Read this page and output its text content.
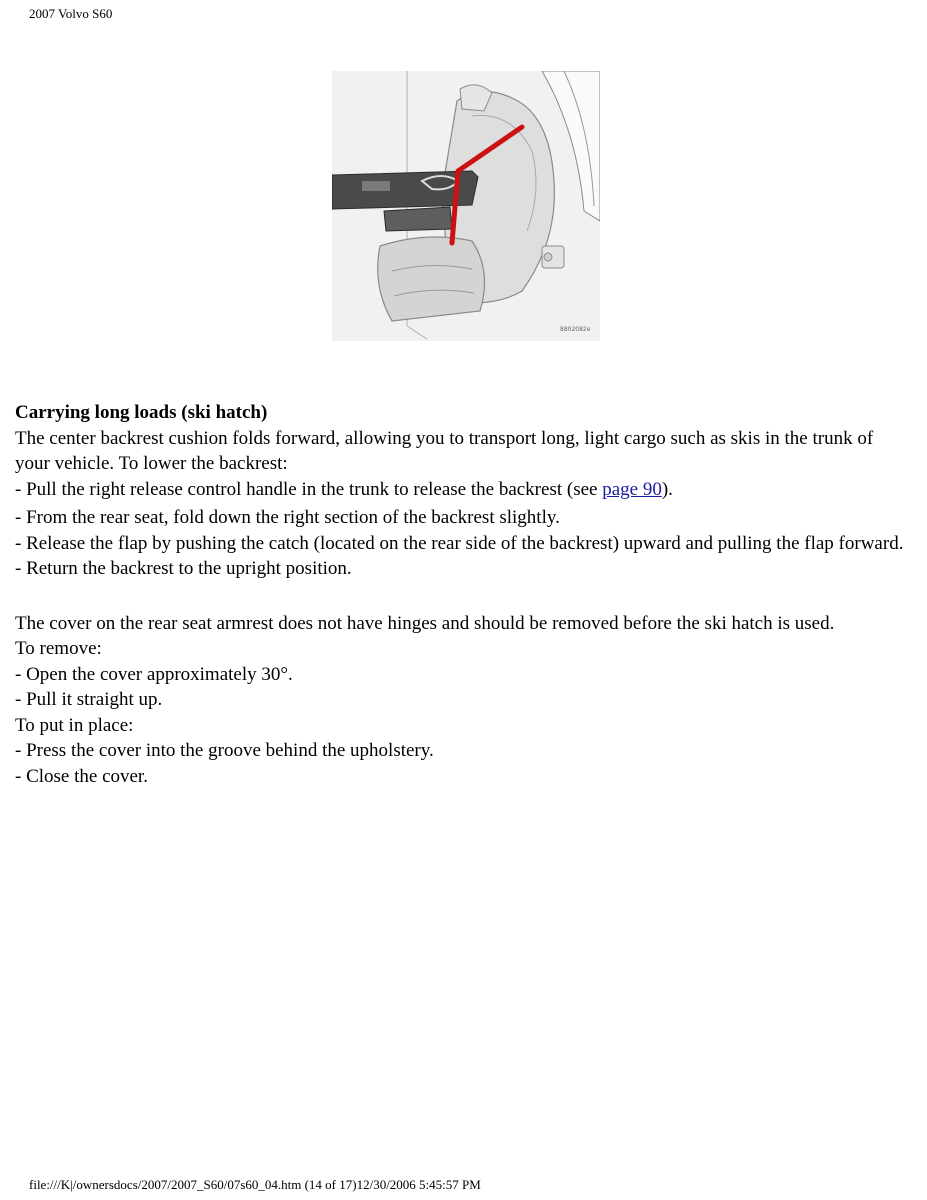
2007 Volvo S60
8802082e

Carrying long loads (ski hatch)

The center backrest cushion folds forward, allowing you to transport long, light cargo such as skis in the trunk of your vehicle. To lower the backrest:

- Pull the right release control handle in the trunk to release the backrest (see page 90).

- From the rear seat, fold down the right section of the backrest slightly.

- Release the flap by pushing the catch (located on the rear side of the backrest) upward and pulling the flap forward.

- Return the backrest to the upright position.

The cover on the rear seat armrest does not have hinges and should be removed before the ski hatch is used.

To remove:

- Open the cover approximately 30°.

- Pull it straight up.

To put in place:

- Press the cover into the groove behind the upholstery.

- Close the cover.

file:///K|/ownersdocs/2007/2007_S60/07s60_04.htm (14 of 17)12/30/2006 5:45:57 PM
